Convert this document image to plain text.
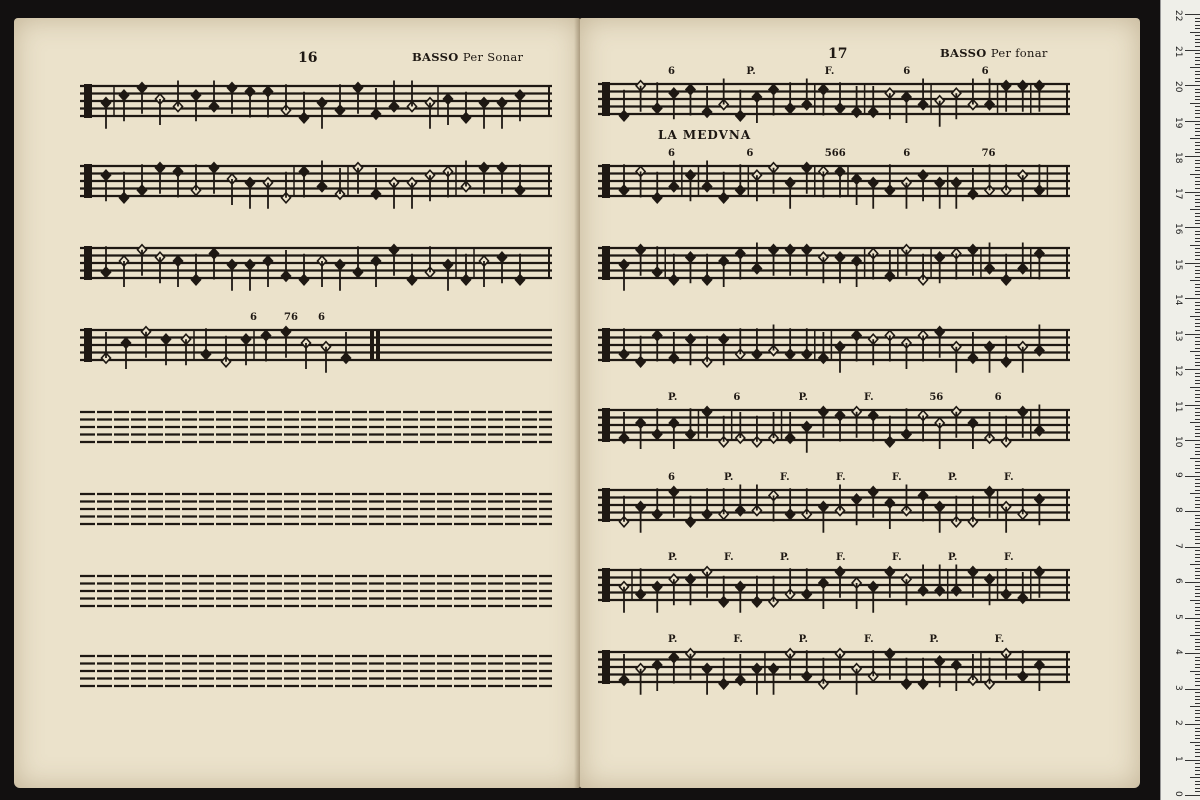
16	BASSO Per Sonar	17	BASSO Per fonar
LA MEDVNA
6	76 6
6	P.	F.	6	6
6	6	566	6	76
P.	6	P.	F.	56	6
6	P.	F.	F.	F.	P.	F.
P.	F.	P.	F.	F.	P.	F.
P.	F.	P.	F.	P.	F.
0
1
2
3
4
5
6
7
8
9
10
11
12
13
14
15
16
17
18
19
20
21
22
